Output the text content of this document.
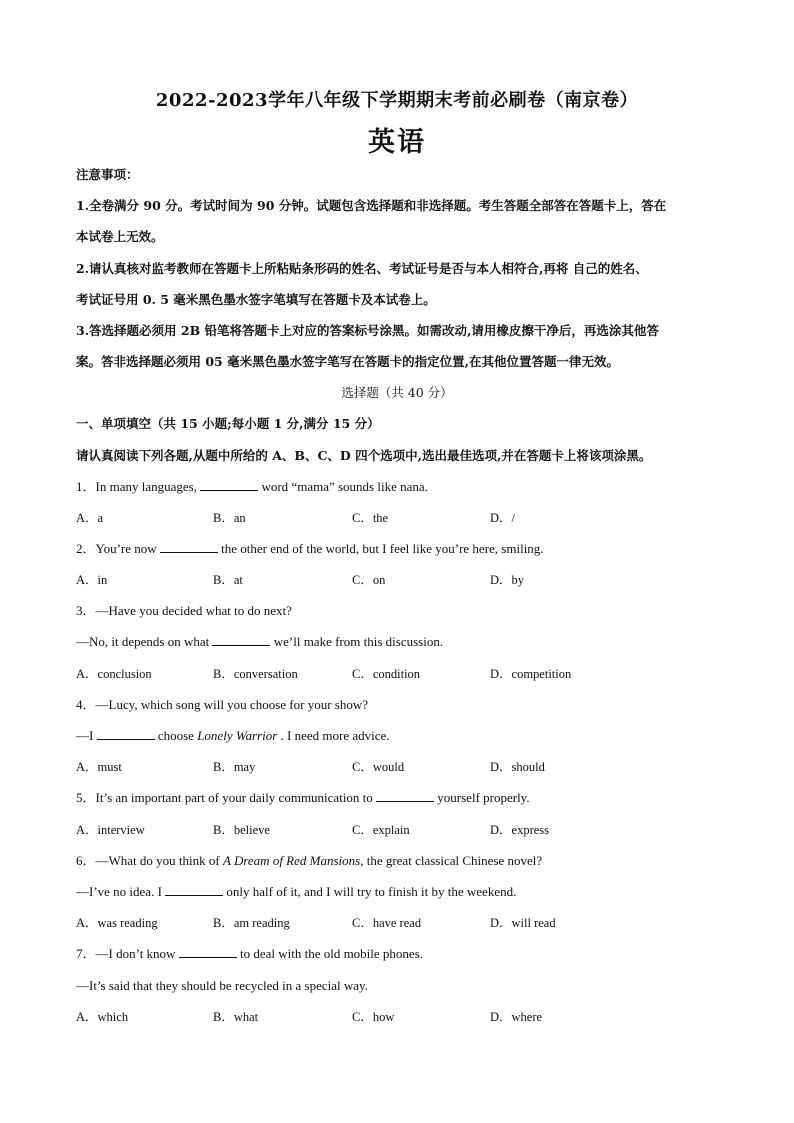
2022-2023学年八年级下学期期末考前必刷卷（南京卷）
英语
注意事项：
1.全卷满分 90 分。考试时间为 90 分钟。试题包含选择题和非选择题。考生答题全部答在答题卡上，答在
本试卷上无效。
2.请认真核对监考教师在答题卡上所粘贴条形码的姓名、考试证号是否与本人相符合,再将 自己的姓名、
考试证号用 0. 5 毫米黑色墨水签字笔填写在答题卡及本试卷上。
3.答选择题必须用 2B 铅笔将答题卡上对应的答案标号涂黑。如需改动,请用橡皮擦干净后，再选涂其他答
案。答非选择题必须用 05 毫米黑色墨水签字笔写在答题卡的指定位置,在其他位置答题一律无效。
选择题（共 40 分）
一、单项填空（共 15 小题;每小题 1 分,满分 15 分）
请认真阅读下列各题,从题中所给的 A、B、C、D 四个选项中,选出最佳选项,并在答题卡上将该项涂黑。
1．In many languages,	word “mama” sounds like nana.
A．a	B．an	C．the	D．/
2．You’re now	the other end of the world, but I feel like you’re here, smiling.
A．in	B．at	C．on	D．by
3．—Have you decided what to do next?
—No, it depends on what	we’ll make from this discussion.
A．conclusion	B．conversation	C．condition	D．competition
4．—Lucy, which song will you choose for your show?
—I	choose Lonely Warrior . I need more advice.
A．must	B．may	C．would	D．should
5．It’s an important part of your daily communication to	yourself properly.
A．interview	B．believe	C．explain	D．express
6．—What do you think of A Dream of Red Mansions, the great classical Chinese novel?
—I’ve no idea. I	only half of it, and I will try to finish it by the weekend.
A．was reading	B．am reading	C．have read	D．will read
7．—I don’t know	to deal with the old mobile phones.
—It’s said that they should be recycled in a special way.
A．which	B．what	C．how	D．where
